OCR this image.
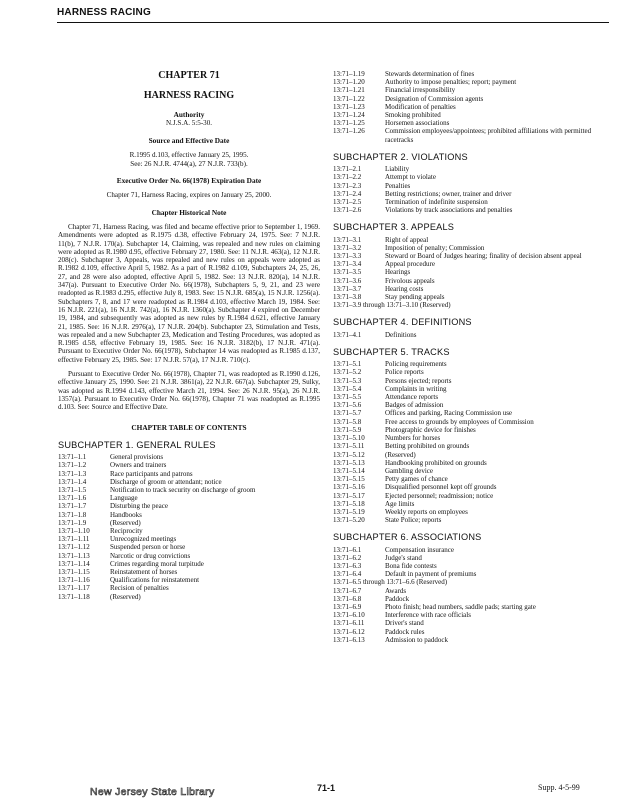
HARNESS RACING
CHAPTER 71
HARNESS RACING
Authority
N.J.S.A. 5:5-30.
Source and Effective Date
R.1995 d.103, effective January 25, 1995.
See: 26 N.J.R. 4744(a), 27 N.J.R. 733(b).
Executive Order No. 66(1978) Expiration Date
Chapter 71, Harness Racing, expires on January 25, 2000.
Chapter Historical Note

Chapter 71, Harness Racing, was filed and became effective prior to September 1, 1969. Amendments were adopted as R.1975 d.38, effective February 24, 1975. See: 7 N.J.R. 11(b), 7 N.J.R. 170(a). Subchapter 14, Claiming, was repealed and new rules on claiming were adopted as R.1980 d.95, effective February 27, 1980. See: 11 N.J.R. 463(a), 12 N.J.R. 208(c). Subchapter 3, Appeals, was repealed and new rules on appeals were adopted as R.1982 d.109, effective April 5, 1982. As a part of R.1982 d.109, Subchapters 24, 25, 26, 27, and 28 were also adopted, effective April 5, 1982. See: 13 N.J.R. 820(a), 14 N.J.R. 347(a). Pursuant to Executive Order No. 66(1978), Subchapters 5, 9, 21, and 23 were readopted as R.1983 d.295, effective July 8, 1983. See: 15 N.J.R. 685(a), 15 N.J.R. 1256(a). Subchapters 7, 8, and 17 were readopted as R.1984 d.103, effective March 19, 1984. See: 16 N.J.R. 221(a), 16 N.J.R. 742(a), 16 N.J.R. 1360(a). Subchapter 4 expired on December 19, 1984, and subsequently was adopted as new rules by R.1984 d.621, effective January 21, 1985. See: 16 N.J.R. 2976(a), 17 N.J.R. 204(b). Subchapter 23, Stimulation and Tests, was repealed and a new Subchapter 23, Medication and Testing Procedures, was adopted as R.1985 d.58, effective February 19, 1985. See: 16 N.J.R. 3182(b), 17 N.J.R. 471(a). Pursuant to Executive Order No. 66(1978), Subchapter 14 was readopted as R.1985 d.137, effective February 25, 1985. See: 17 N.J.R. 57(a), 17 N.J.R. 710(c).

Pursuant to Executive Order No. 66(1978), Chapter 71, was readopted as R.1990 d.126, effective January 25, 1990. See: 21 N.J.R. 3861(a), 22 N.J.R. 667(a). Subchapter 29, Sulky, was adopted as R.1994 d.143, effective March 21, 1994. See: 26 N.J.R. 95(a), 26 N.J.R. 1357(a). Pursuant to Executive Order No. 66(1978), Chapter 71 was readopted as R.1995 d.103. See: Source and Effective Date.

CHAPTER TABLE OF CONTENTS
SUBCHAPTER 1. GENERAL RULES
13:71–1.1	General provisions
13:71–1.2	Owners and trainers
13:71–1.3	Race participants and patrons
13:71–1.4	Discharge of groom or attendant; notice
13:71–1.5	Notification to track security on discharge of groom
13:71–1.6	Language
13:71–1.7	Disturbing the peace
13:71–1.8	Handbooks
13:71–1.9	(Reserved)
13:71–1.10	Reciprocity
13:71–1.11	Unrecognized meetings
13:71–1.12	Suspended person or horse
13:71–1.13	Narcotic or drug convictions
13:71–1.14	Crimes regarding moral turpitude
13:71–1.15	Reinstatement of horses
13:71–1.16	Qualifications for reinstatement
13:71–1.17	Recision of penalties
13:71–1.18	(Reserved)
13:71–1.19	Stewards determination of fines
13:71–1.20	Authority to impose penalties; report; payment
13:71–1.21	Financial irresponsibility
13:71–1.22	Designation of Commission agents
13:71–1.23	Modification of penalties
13:71–1.24	Smoking prohibited
13:71–1.25	Horsemen associations
13:71–1.26	Commission employees/appointees; prohibited affiliations with permitted racetracks
SUBCHAPTER 2. VIOLATIONS
13:71–2.1	Liability
13:71–2.2	Attempt to violate
13:71–2.3	Penalties
13:71–2.4	Betting restrictions; owner, trainer and driver
13:71–2.5	Termination of indefinite suspension
13:71–2.6	Violations by track associations and penalties
SUBCHAPTER 3. APPEALS
13:71–3.1	Right of appeal
13:71–3.2	Imposition of penalty; Commission
13:71–3.3	Steward or Board of Judges hearing; finality of decision absent appeal
13:71–3.4	Appeal procedure
13:71–3.5	Hearings
13:71–3.6	Frivolous appeals
13:71–3.7	Hearing costs
13:71–3.8	Stay pending appeals
13:71–3.9 through 13:71–3.10 (Reserved)
SUBCHAPTER 4. DEFINITIONS
13:71–4.1	Definitions
SUBCHAPTER 5. TRACKS
13:71–5.1	Policing requirements
13:71–5.2	Police reports
13:71–5.3	Persons ejected; reports
13:71–5.4	Complaints in writing
13:71–5.5	Attendance reports
13:71–5.6	Badges of admission
13:71–5.7	Offices and parking, Racing Commission use
13:71–5.8	Free access to grounds by employees of Commission
13:71–5.9	Photographic device for finishes
13:71–5.10	Numbers for horses
13:71–5.11	Betting prohibited on grounds
13:71–5.12	(Reserved)
13:71–5.13	Handbooking prohibited on grounds
13:71–5.14	Gambling device
13:71–5.15	Petty games of chance
13:71–5.16	Disqualified personnel kept off grounds
13:71–5.17	Ejected personnel; readmission; notice
13:71–5.18	Age limits
13:71–5.19	Weekly reports on employees
13:71–5.20	State Police; reports
SUBCHAPTER 6. ASSOCIATIONS
13:71–6.1	Compensation insurance
13:71–6.2	Judge's stand
13:71–6.3	Bona fide contests
13:71–6.4	Default in payment of premiums
13:71–6.5 through 13:71–6.6 (Reserved)
13:71–6.7	Awards
13:71–6.8	Paddock
13:71–6.9	Photo finish; head numbers, saddle pads; starting gate
13:71–6.10	Interference with race officials
13:71–6.11	Driver's stand
13:71–6.12	Paddock rules
13:71–6.13	Admission to paddock
New Jersey State Library	71-1	Supp. 4-5-99
